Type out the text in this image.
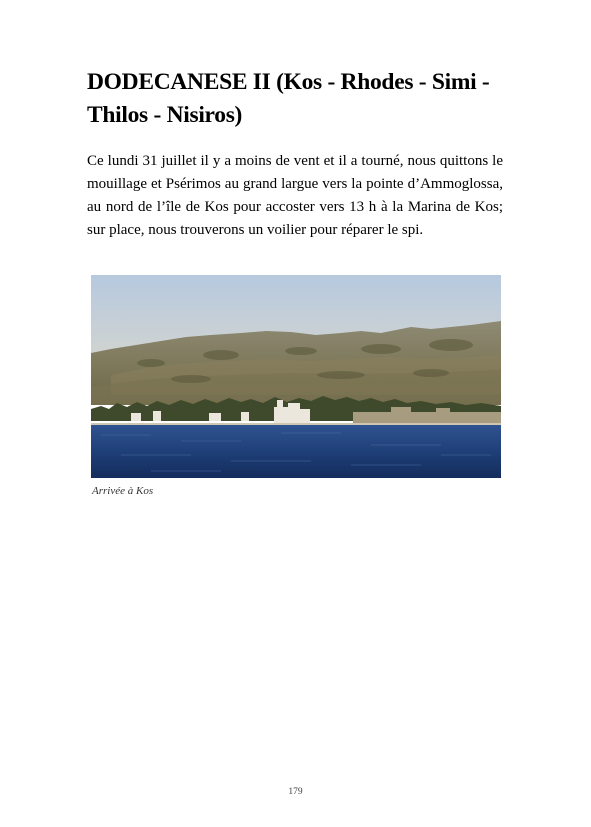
DODECANESE II (Kos - Rhodes - Simi - Thilos - Nisiros)

Ce lundi 31 juillet il y a moins de vent et il a tourné, nous quittons le mouillage et Psérimos au grand largue vers la pointe d’Ammoglossa, au nord de l’île de Kos pour accoster vers 13 h à la Marina de Kos; sur place, nous trouverons un voilier pour réparer le spi.

Arrivée à Kos

179
